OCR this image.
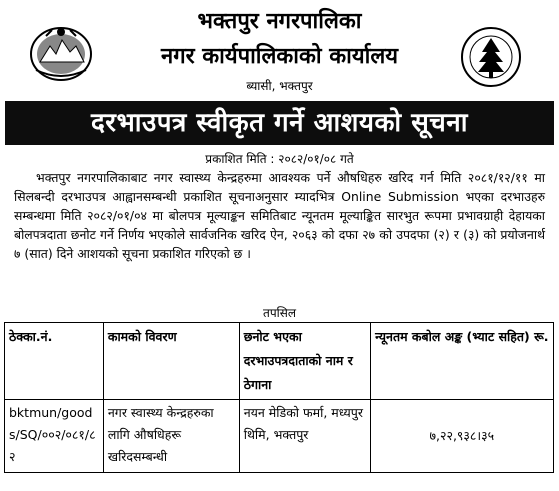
भक्तपुर नगरपालिका
नगर कार्यपालिकाको कार्यालय
ब्यासी, भक्तपुर
दरभाउपत्र स्वीकृत गर्ने आशयको सूचना
प्रकाशित मिति : २०८२/०१/०८ गते

भक्तपुर नगरपालिकाबाट नगर स्वास्थ्य केन्द्रहरुमा आवश्यक पर्ने औषधिहरु खरिद गर्न मिति २०८१/१२/११ मा सिलबन्दी दरभाउपत्र आह्वानसम्बन्धी प्रकाशित सूचनाअनुसार म्यादभित्र Online Submission भएका दरभाउहरु सम्बन्धमा मिति २०८२/०१/०४ मा बोलपत्र मूल्याङ्कन समितिबाट न्यूनतम मूल्याङ्कित सारभुत रूपमा प्रभावग्राही देहायका बोलपत्रदाता छनोट गर्ने निर्णय भएकोले सार्वजनिक खरिद ऐन, २०६३ को दफा २७ को उपदफा (२) र (३) को प्रयोजनार्थ ७ (सात) दिने आशयको सूचना प्रकाशित गरिएको छ ।

तपसिल
ठेक्का.नं.	कामको विवरण	छनोट भएका दरभाउपत्रदाताको नाम र ठेगाना	न्यूनतम कबोल अङ्क (भ्याट सहित) रू.
bktmun/goods/SQ/००२/०८१/८२	नगर स्वास्थ्य केन्द्रहरुका लागि औषधिहरू खरिदसम्बन्धी	नयन मेडिको फर्मा, मध्यपुर थिमि, भक्तपुर	७,२२,९३८।३५
